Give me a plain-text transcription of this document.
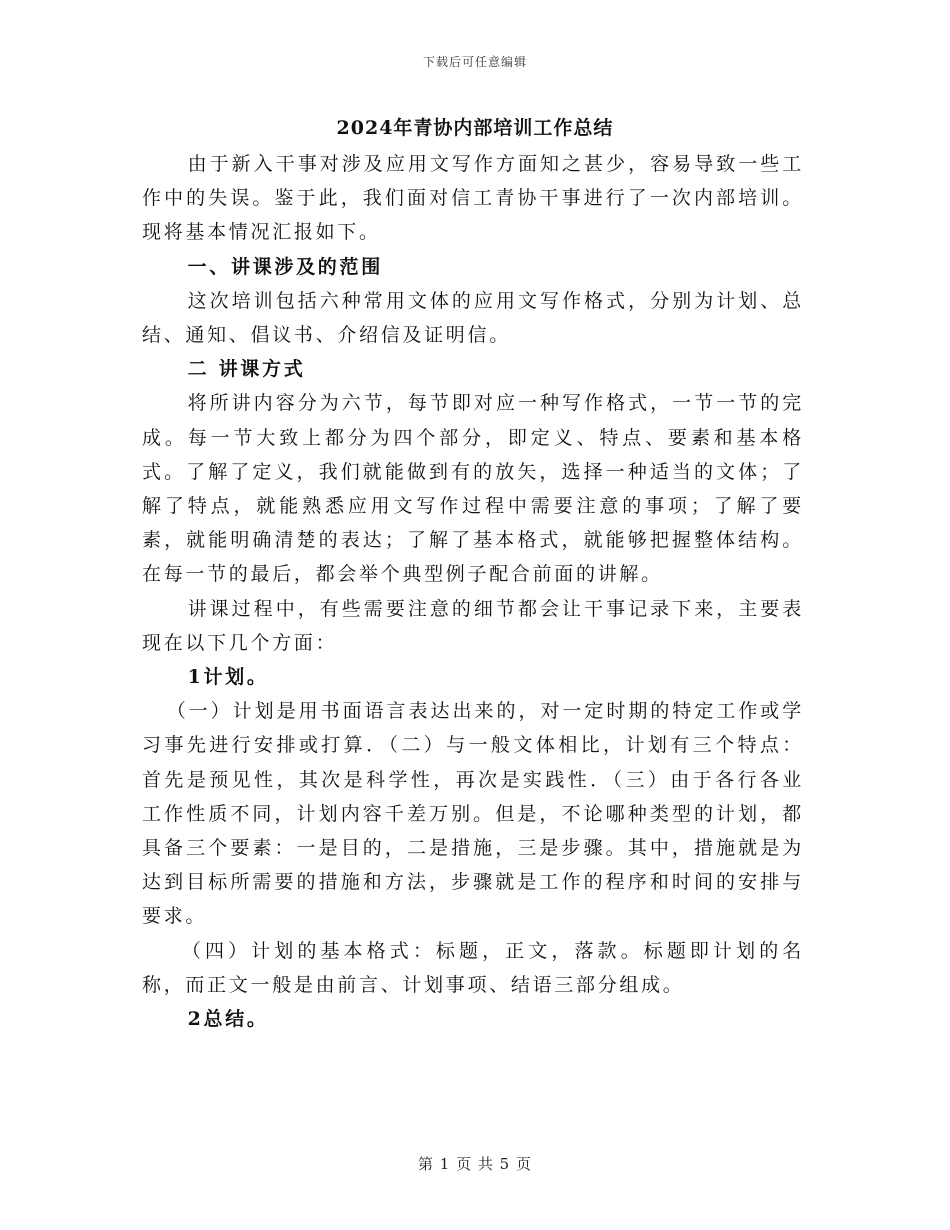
下载后可任意编辑
2024年青协内部培训工作总结

由于新入干事对涉及应用文写作方面知之甚少，容易导致一些工作中的失误。鉴于此，我们面对信工青协干事进行了一次内部培训。现将基本情况汇报如下。

一、讲课涉及的范围

这次培训包括六种常用文体的应用文写作格式，分别为计划、总结、通知、倡议书、介绍信及证明信。

二 讲课方式

将所讲内容分为六节，每节即对应一种写作格式，一节一节的完成。每一节大致上都分为四个部分，即定义、特点、要素和基本格式。了解了定义，我们就能做到有的放矢，选择一种适当的文体；了解了特点，就能熟悉应用文写作过程中需要注意的事项；了解了要素，就能明确清楚的表达；了解了基本格式，就能够把握整体结构。在每一节的最后，都会举个典型例子配合前面的讲解。

讲课过程中，有些需要注意的细节都会让干事记录下来，主要表现在以下几个方面：

1计划。

（一）计划是用书面语言表达出来的，对一定时期的特定工作或学习事先进行安排或打算．（二）与一般文体相比，计划有三个特点：首先是预见性，其次是科学性，再次是实践性．（三）由于各行各业工作性质不同，计划内容千差万别。但是，不论哪种类型的计划，都具备三个要素：一是目的，二是措施，三是步骤。其中，措施就是为达到目标所需要的措施和方法，步骤就是工作的程序和时间的安排与要求。

（四）计划的基本格式：标题，正文，落款。标题即计划的名称，而正文一般是由前言、计划事项、结语三部分组成。

2总结。

第 1 页 共 5 页
